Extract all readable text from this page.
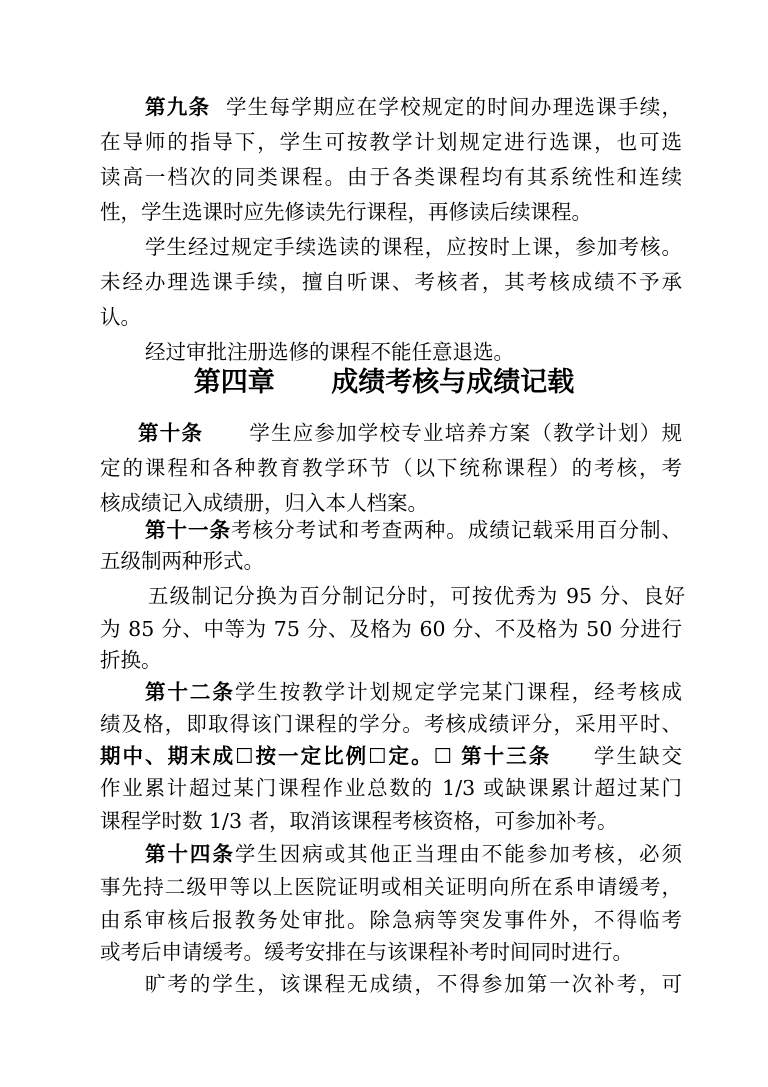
第九条 学生每学期应在学校规定的时间办理选课手续，
在导师的指导下，学生可按教学计划规定进行选课，也可选
读高一档次的同类课程。由于各类课程均有其系统性和连续
性，学生选课时应先修读先行课程，再修读后续课程。
学生经过规定手续选读的课程，应按时上课，参加考核。
未经办理选课手续，擅自听课、考核者，其考核成绩不予承
认。
经过审批注册选修的课程不能任意退选。
第四章 成绩考核与成绩记载
第十条 学生应参加学校专业培养方案（教学计划）规
定的课程和各种教育教学环节（以下统称课程）的考核，考
核成绩记入成绩册，归入本人档案。
第十一条考核分考试和考查两种。成绩记载采用百分制、
五级制两种形式。
五级制记分换为百分制记分时，可按优秀为 95 分、良好
为 85 分、中等为 75 分、及格为 60 分、不及格为 50 分进行
折换。
第十二条学生按教学计划规定学完某门课程，经考核成
绩及格，即取得该门课程的学分。考核成绩评分，采用平时、
期中、期末成☐按一定比例☐定。☐ 第十三条 学生缺交
作业累计超过某门课程作业总数的 1/3 或缺课累计超过某门
课程学时数 1/3 者，取消该课程考核资格，可参加补考。
第十四条学生因病或其他正当理由不能参加考核，必须
事先持二级甲等以上医院证明或相关证明向所在系申请缓考，
由系审核后报教务处审批。除急病等突发事件外，不得临考
或考后申请缓考。缓考安排在与该课程补考时间同时进行。
旷考的学生，该课程无成绩，不得参加第一次补考，可
